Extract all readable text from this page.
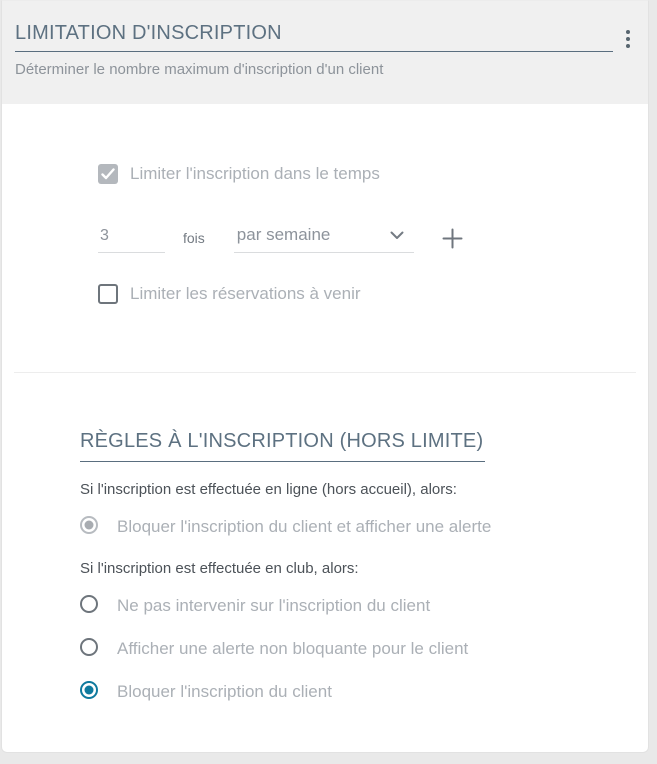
LIMITATION D'INSCRIPTION

Déterminer le nombre maximum d'inscription d'un client

Limiter l'inscription dans le temps
3
fois par semaine
Limiter les réservations à venir
RÈGLES À L'INSCRIPTION (HORS LIMITE)

Si l'inscription est effectuée en ligne (hors accueil), alors:

Bloquer l'inscription du client et afficher une alerte

Si l'inscription est effectuée en club, alors:

Ne pas intervenir sur l'inscription du client
Afficher une alerte non bloquante pour le client
Bloquer l'inscription du client
